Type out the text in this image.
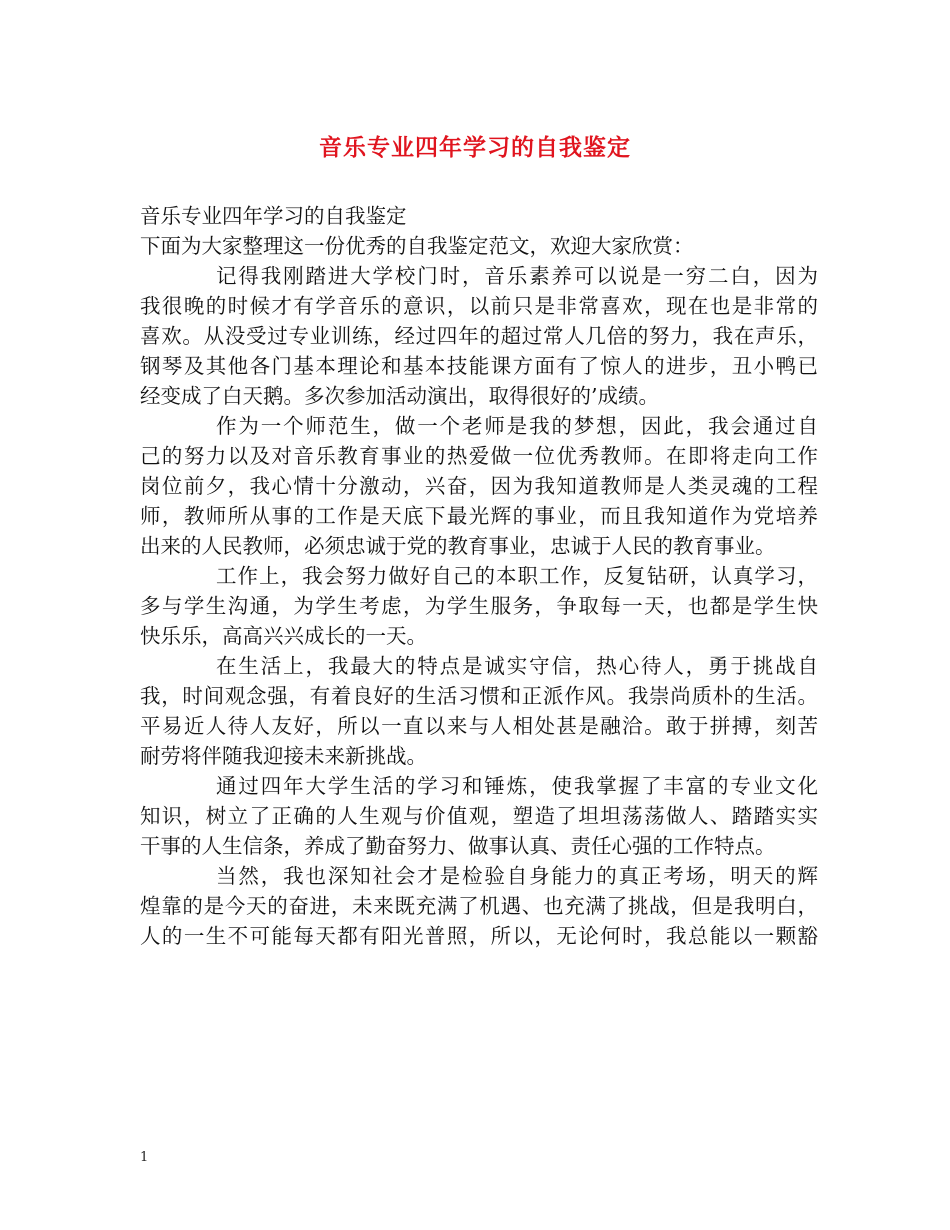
音乐专业四年学习的自我鉴定
音乐专业四年学习的自我鉴定
下面为大家整理这一份优秀的自我鉴定范文，欢迎大家欣赏：
记得我刚踏进大学校门时，音乐素养可以说是一穷二白，因为
我很晚的时候才有学音乐的意识，以前只是非常喜欢，现在也是非常的
喜欢。从没受过专业训练，经过四年的超过常人几倍的努力，我在声乐，
钢琴及其他各门基本理论和基本技能课方面有了惊人的进步，丑小鸭已
经变成了白天鹅。多次参加活动演出，取得很好的’成绩。
作为一个师范生，做一个老师是我的梦想，因此，我会通过自
己的努力以及对音乐教育事业的热爱做一位优秀教师。在即将走向工作
岗位前夕，我心情十分激动，兴奋，因为我知道教师是人类灵魂的工程
师，教师所从事的工作是天底下最光辉的事业，而且我知道作为党培养
出来的人民教师，必须忠诚于党的教育事业，忠诚于人民的教育事业。
工作上，我会努力做好自己的本职工作，反复钻研，认真学习，
多与学生沟通，为学生考虑，为学生服务，争取每一天，也都是学生快
快乐乐，高高兴兴成长的一天。
在生活上，我最大的特点是诚实守信，热心待人，勇于挑战自
我，时间观念强，有着良好的生活习惯和正派作风。我崇尚质朴的生活。
平易近人待人友好，所以一直以来与人相处甚是融洽。敢于拼搏，刻苦
耐劳将伴随我迎接未来新挑战。
通过四年大学生活的学习和锤炼，使我掌握了丰富的专业文化
知识，树立了正确的人生观与价值观，塑造了坦坦荡荡做人、踏踏实实
干事的人生信条，养成了勤奋努力、做事认真、责任心强的工作特点。
当然，我也深知社会才是检验自身能力的真正考场，明天的辉
煌靠的是今天的奋进，未来既充满了机遇、也充满了挑战，但是我明白，
人的一生不可能每天都有阳光普照，所以，无论何时，我总能以一颗豁
1
